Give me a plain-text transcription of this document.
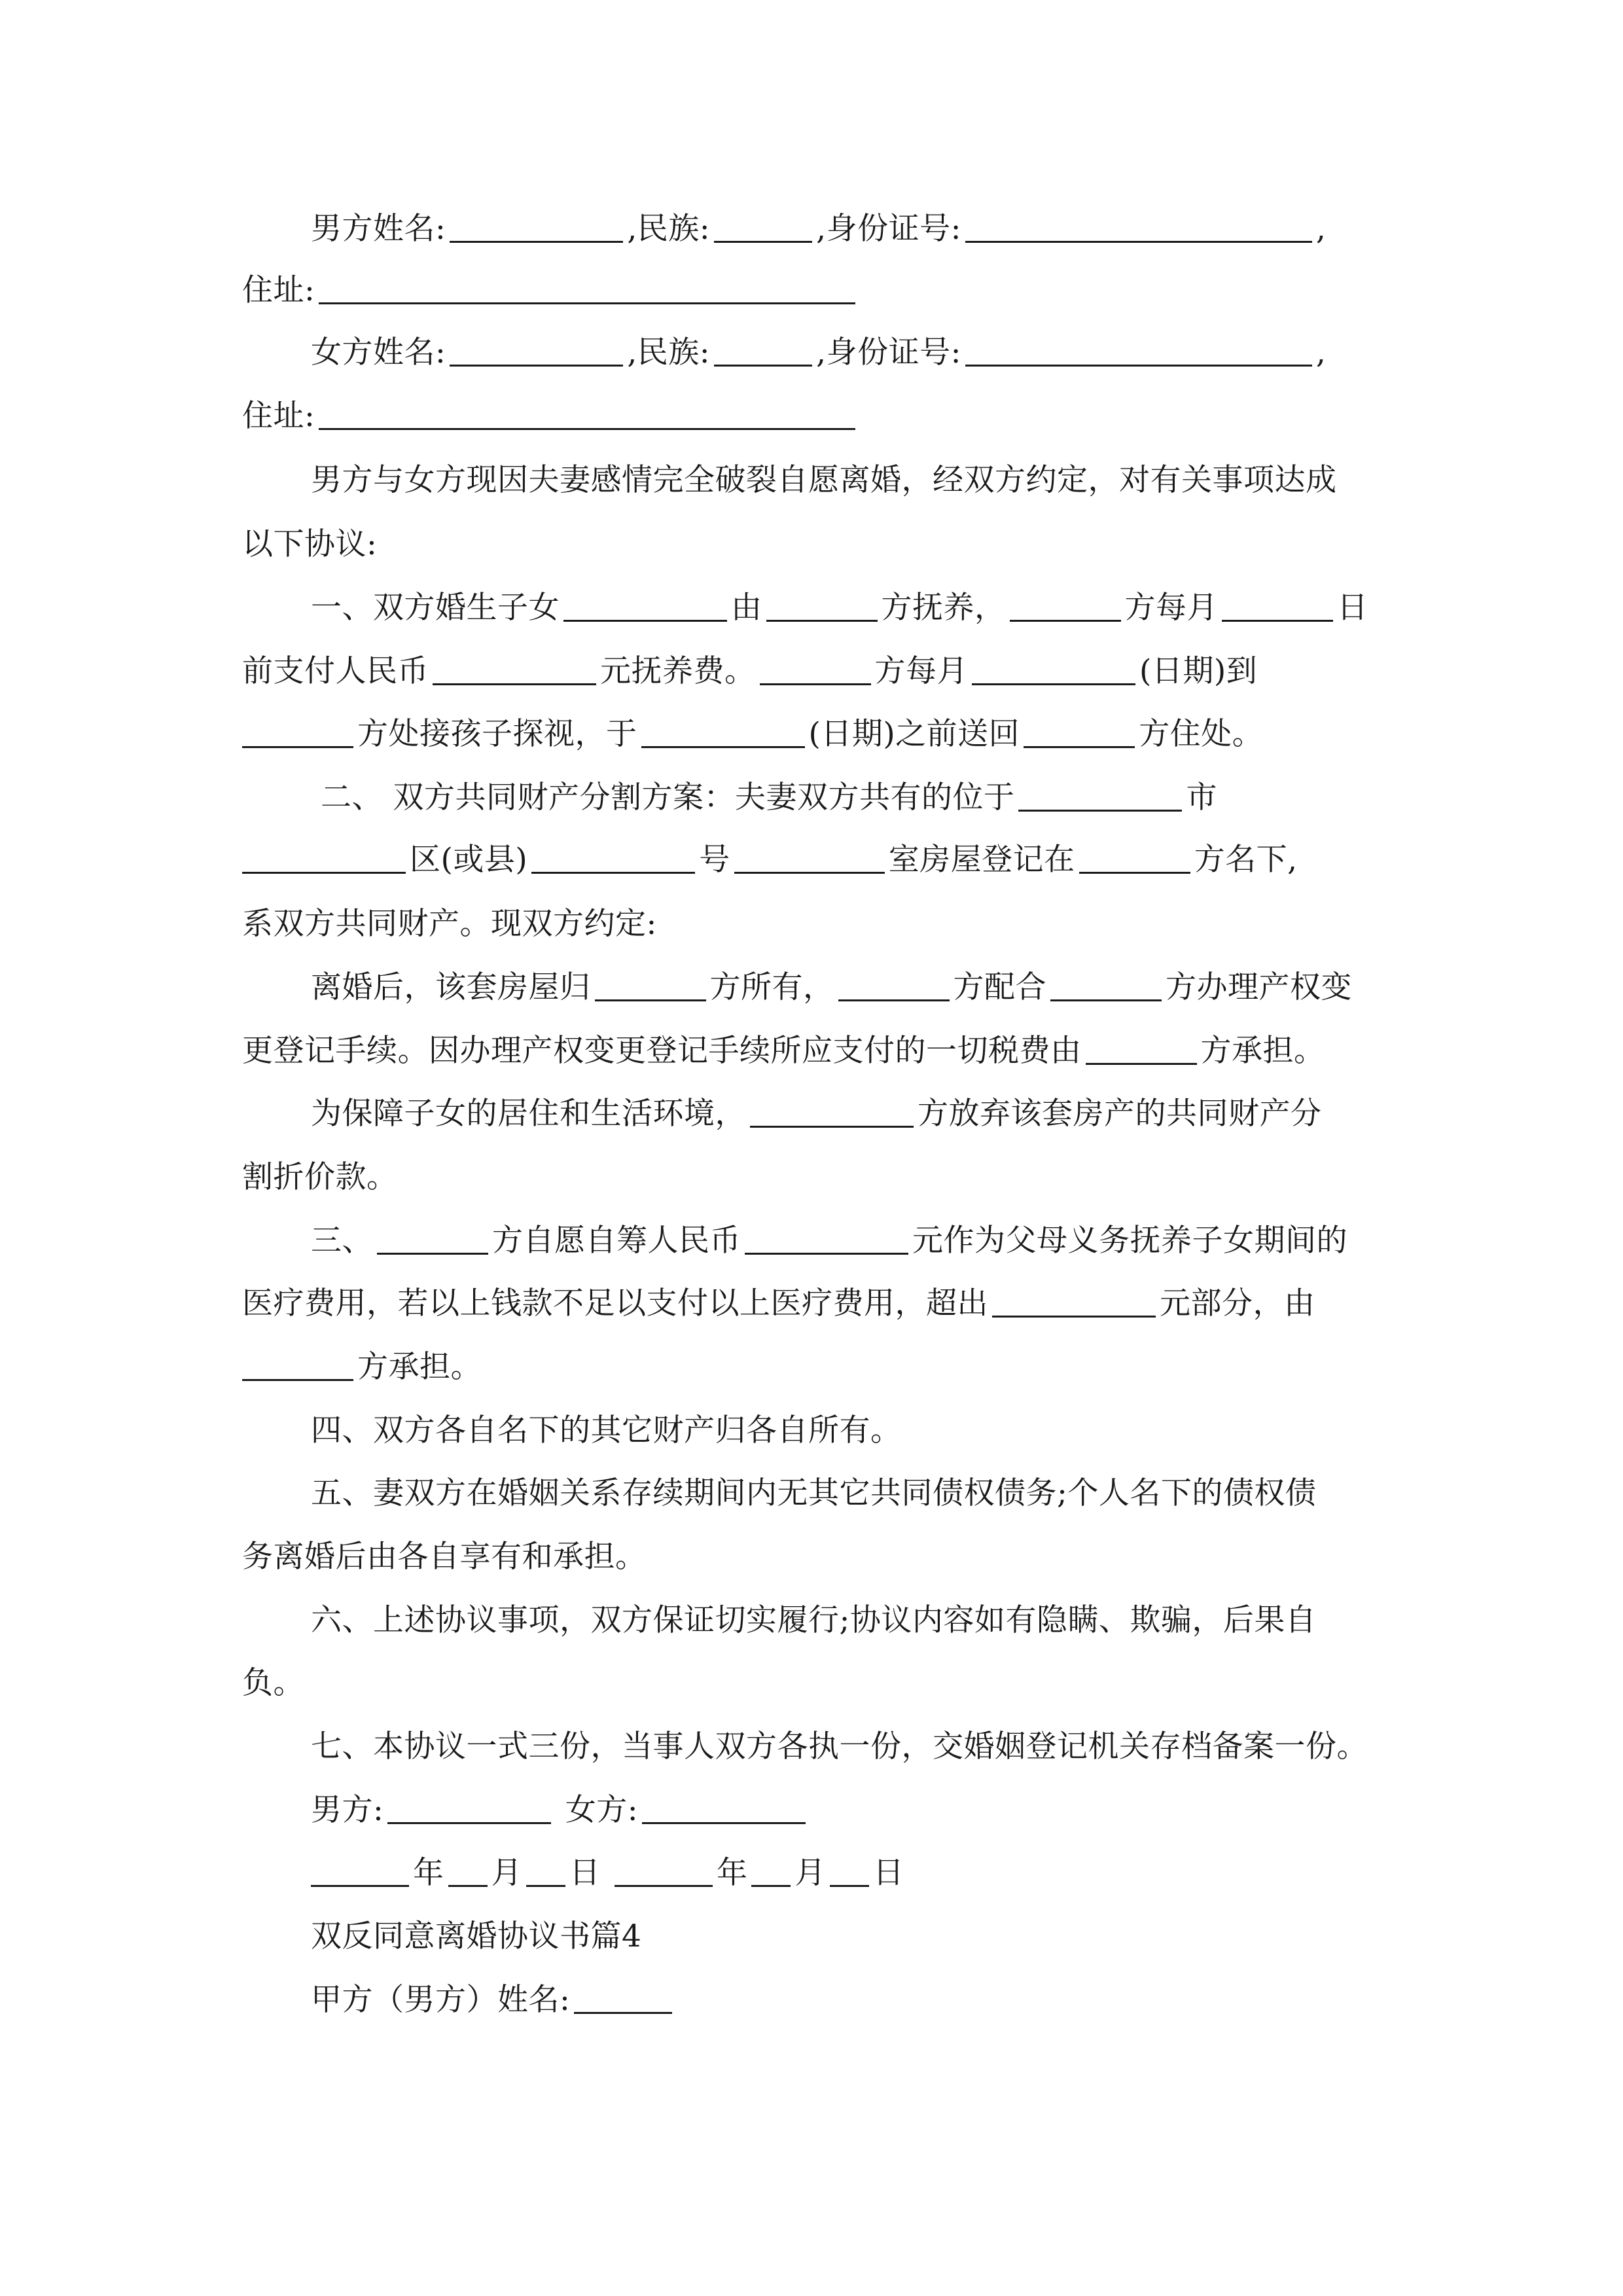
男方姓名:	,民族:	,身份证号:	,
住址:
女方姓名:	,民族:	,身份证号:	,
住址:
男方与女方现因夫妻感情完全破裂自愿离婚，经双方约定，对有关事项达成
以下协议:
一、双方婚生子女	由	方抚养，	方每月	日
前支付人民币	元抚养费。	方每月	(日期)到
方处接孩子探视，于	(日期)之前送回	方住处。
二、 双方共同财产分割方案：夫妻双方共有的位于	市
区(或县)	号	室房屋登记在	方名下,
系双方共同财产。现双方约定:
离婚后，该套房屋归	方所有，	方配合	方办理产权变
更登记手续。因办理产权变更登记手续所应支付的一切税费由	方承担。
为保障子女的居住和生活环境，	方放弃该套房产的共同财产分
割折价款。
三、	方自愿自筹人民币	元作为父母义务抚养子女期间的
医疗费用，若以上钱款不足以支付以上医疗费用，超出	元部分，由
方承担。
四、双方各自名下的其它财产归各自所有。
五、妻双方在婚姻关系存续期间内无其它共同债权债务;个人名下的债权债
务离婚后由各自享有和承担。
六、上述协议事项，双方保证切实履行;协议内容如有隐瞒、欺骗，后果自
负。
七、本协议一式三份，当事人双方各执一份，交婚姻登记机关存档备案一份。
男方:	女方:
年 月 日	年 月 日
双反同意离婚协议书篇4
甲方（男方）姓名:
